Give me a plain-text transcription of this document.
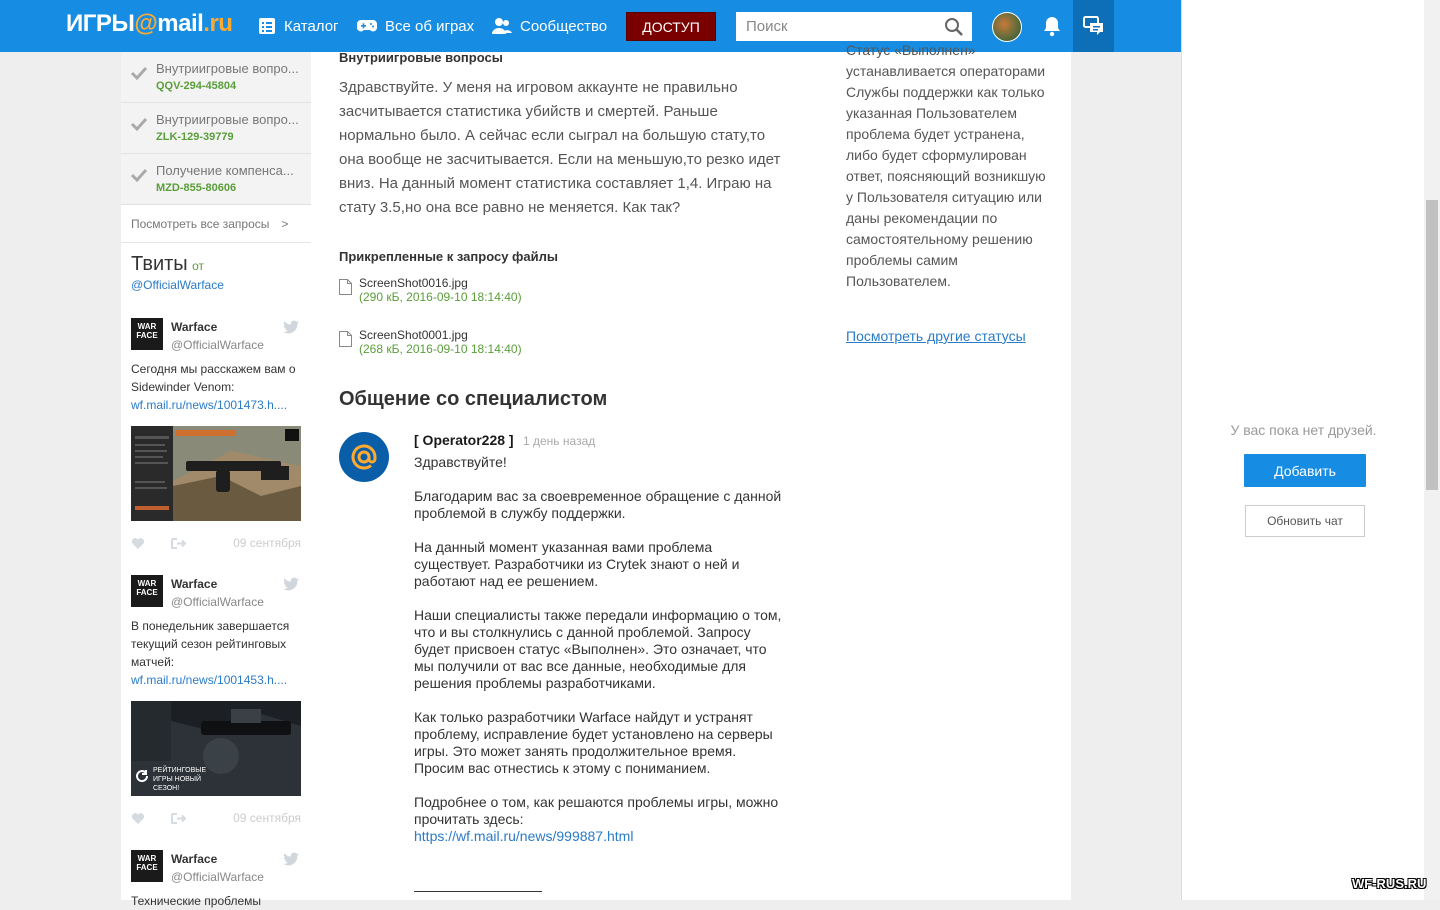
ИГРЫ@mail.ru	Каталог	Все об играх	Сообщество	ДОСТУП	Поиск
Внутриигровые вопро...
QQV-294-45804
Внутриигровые вопро...
ZLK-129-39779
Получение компенса...
MZD-855-80606
Посмотреть все запросы >
Твиты от
@OfficialWarface
WAR
FACE
Warface
@OfficialWarface
Сегодня мы расскажем вам о Sidewinder Venom:
wf.mail.ru/news/1001473.h....
09 сентября
WAR
FACE
Warface
@OfficialWarface
В понедельник завершается текущий сезон рейтинговых матчей:
wf.mail.ru/news/1001453.h....
РЕЙТИНГОВЫЕ ИГРЫ НОВЫЙ СЕЗОН!
09 сентября
WAR
FACE
Warface
@OfficialWarface
Технические проблемы
Внутриигровые вопросы
Здравствуйте. У меня на игровом аккаунте не правильно засчитывается статистика убийств и смертей. Раньше нормально было. А сейчас если сыграл на большую стату,то она вообще не засчитывается. Если на меньшую,то резко идет вниз. На данный момент статистика составляет 1,4. Играю на стату 3.5,но она все равно не меняется. Как так?
Прикрепленные к запросу файлы
ScreenShot0016.jpg
(290 кБ, 2016-09-10 18:14:40)
ScreenShot0001.jpg
(268 кБ, 2016-09-10 18:14:40)
Общение со специалистом
[ Operator228 ] 1 день назад

Здравствуйте!

Благодарим вас за своевременное обращение с данной проблемой в службу поддержки.

На данный момент указанная вами проблема существует. Разработчики из Crytek знают о ней и работают над ее решением.

Наши специалисты также передали информацию о том, что и вы столкнулись с данной проблемой. Запросу будет присвоен статус «Выполнен». Это означает, что мы получили от вас все данные, необходимые для решения проблемы разработчиками.

Как только разработчики Warface найдут и устранят проблему, исправление будет установлено на серверы игры. Это может занять продолжительное время. Просим вас отнестись к этому с пониманием.

Подробнее о том, как решаются проблемы игры, можно прочитать здесь:
https://wf.mail.ru/news/999887.html
Статус «Выполнен» устанавливается операторами Службы поддержки как только указанная Пользователем проблема будет устранена, либо будет сформулирован ответ, поясняющий возникшую у Пользователя ситуацию или даны рекомендации по самостоятельному решению проблемы самим Пользователем.
Посмотреть другие статусы
У вас пока нет друзей.
Добавить
Обновить чат
WF-RUS.RU
